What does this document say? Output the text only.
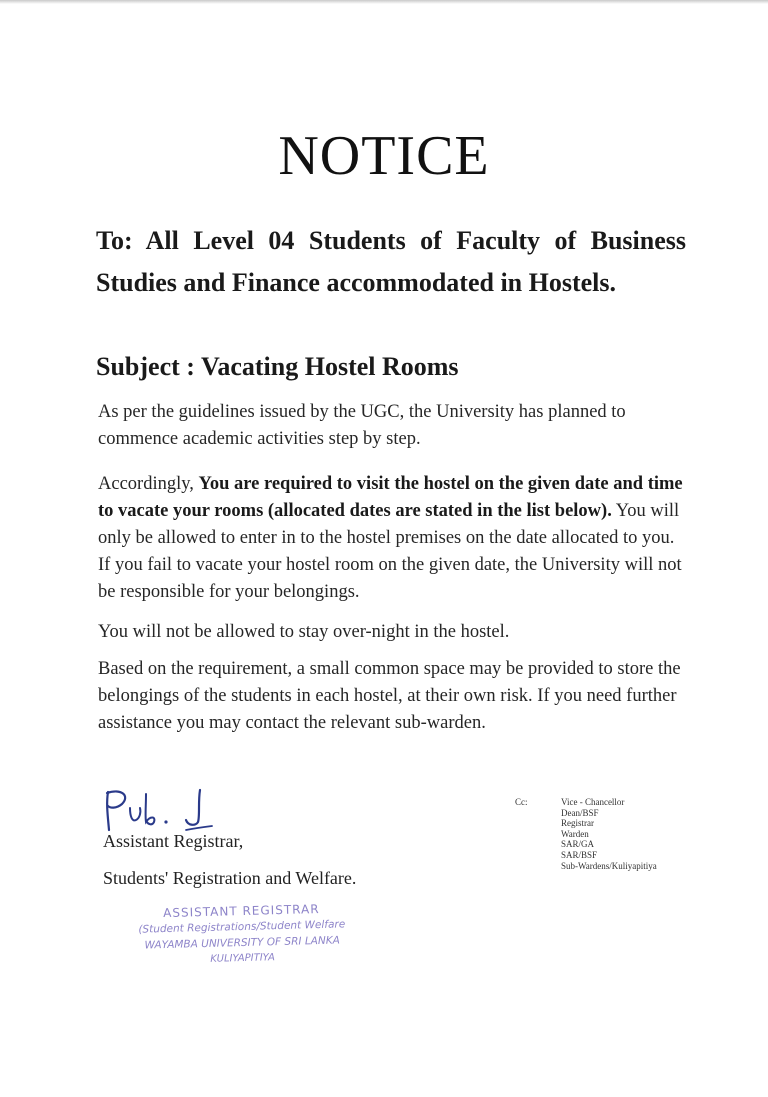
NOTICE
To: All Level 04 Students of Faculty of Business Studies and Finance accommodated in Hostels.
Subject : Vacating Hostel Rooms

As per the guidelines issued by the UGC, the University has planned to commence academic activities step by step.

Accordingly, You are required to visit the hostel on the given date and time to vacate your rooms (allocated dates are stated in the list below). You will only be allowed to enter in to the hostel premises on the date allocated to you. If you fail to vacate your hostel room on the given date, the University will not be responsible for your belongings.

You will not be allowed to stay over-night in the hostel.

Based on the requirement, a small common space may be provided to store the belongings of the students in each hostel, at their own risk. If you need further assistance you may contact the relevant sub-warden.

Assistant Registrar,
Students' Registration and Welfare.
Cc:	Vice - Chancellor
Dean/BSF
Registrar
Warden
SAR/GA
SAR/BSF
Sub-Wardens/Kuliyapitiya
ASSISTANT REGISTRAR
(Student Registrations/Student Welfare
WAYAMBA UNIVERSITY OF SRI LANKA
KULIYAPITIYA
